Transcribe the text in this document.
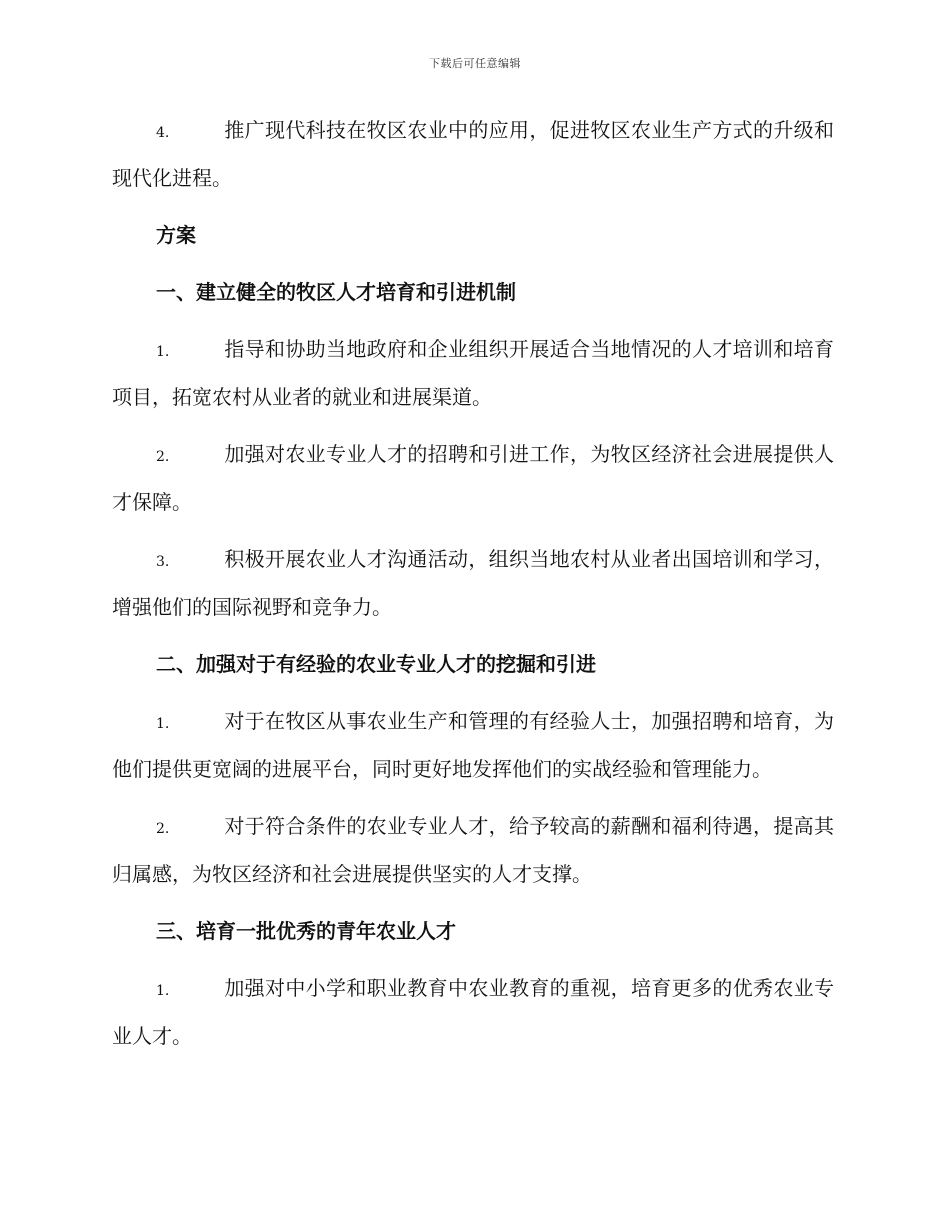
下载后可任意编辑

4.	推广现代科技在牧区农业中的应用，促进牧区农业生产方式的升级和现代化进程。

方案
一、建立健全的牧区人才培育和引进机制

1.	指导和协助当地政府和企业组织开展适合当地情况的人才培训和培育项目，拓宽农村从业者的就业和进展渠道。

2.	加强对农业专业人才的招聘和引进工作，为牧区经济社会进展提供人才保障。

3.	积极开展农业人才沟通活动，组织当地农村从业者出国培训和学习，增强他们的国际视野和竞争力。

二、加强对于有经验的农业专业人才的挖掘和引进

1.	对于在牧区从事农业生产和管理的有经验人士，加强招聘和培育，为他们提供更宽阔的进展平台，同时更好地发挥他们的实战经验和管理能力。

2.	对于符合条件的农业专业人才，给予较高的薪酬和福利待遇，提高其归属感，为牧区经济和社会进展提供坚实的人才支撑。

三、培育一批优秀的青年农业人才

1.	加强对中小学和职业教育中农业教育的重视，培育更多的优秀农业专业人才。
